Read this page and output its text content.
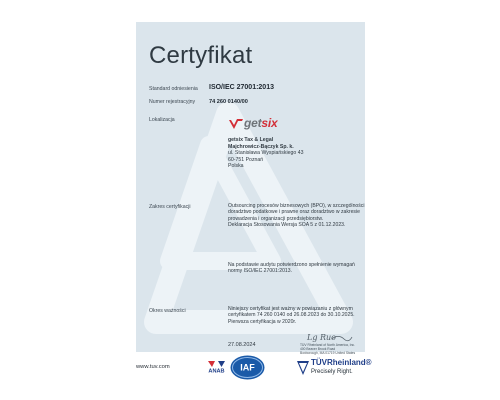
Certyfikat
Standard odniesienia ISO/IEC 27001:2013
Numer rejestracyjny 74 260 0140/00
Lokalizacja	getsix
getsix Tax & Legal
Majchrowicz-Bączyk Sp. k.
ul. Stanisława Wyspiańskiego 43
60-751 Poznań
Polska
Zakres certyfikacji	Outsourcing procesów biznesowych (BPO), w szczególności
doradztwo podatkowe i prawne oraz doradztwo w zakresie
prowadzenia i organizacji przedsiębiorstw.
Deklaracja Stosowania Wersja SOA 5 z 01.12.2023.
Na podstawie audytu potwierdzono spełnienie wymagań
normy ISO/IEC 27001:2013.
Okres ważności	Niniejszy certyfikat jest ważny w powiązaniu z głównym
certyfikatem 74 260 0140 od 26.08.2023 do 30.10.2025.
Pierwsza certyfikacja w 2020r.
27.08.2024
Lg Ruo
TÜV Rheinland of North America, Inc.
400 Beaver Brook Road
Boxborough, MA 01719 United States
www.tuv.com
ANAB IAF	TÜVRheinland®
Precisely Right.
